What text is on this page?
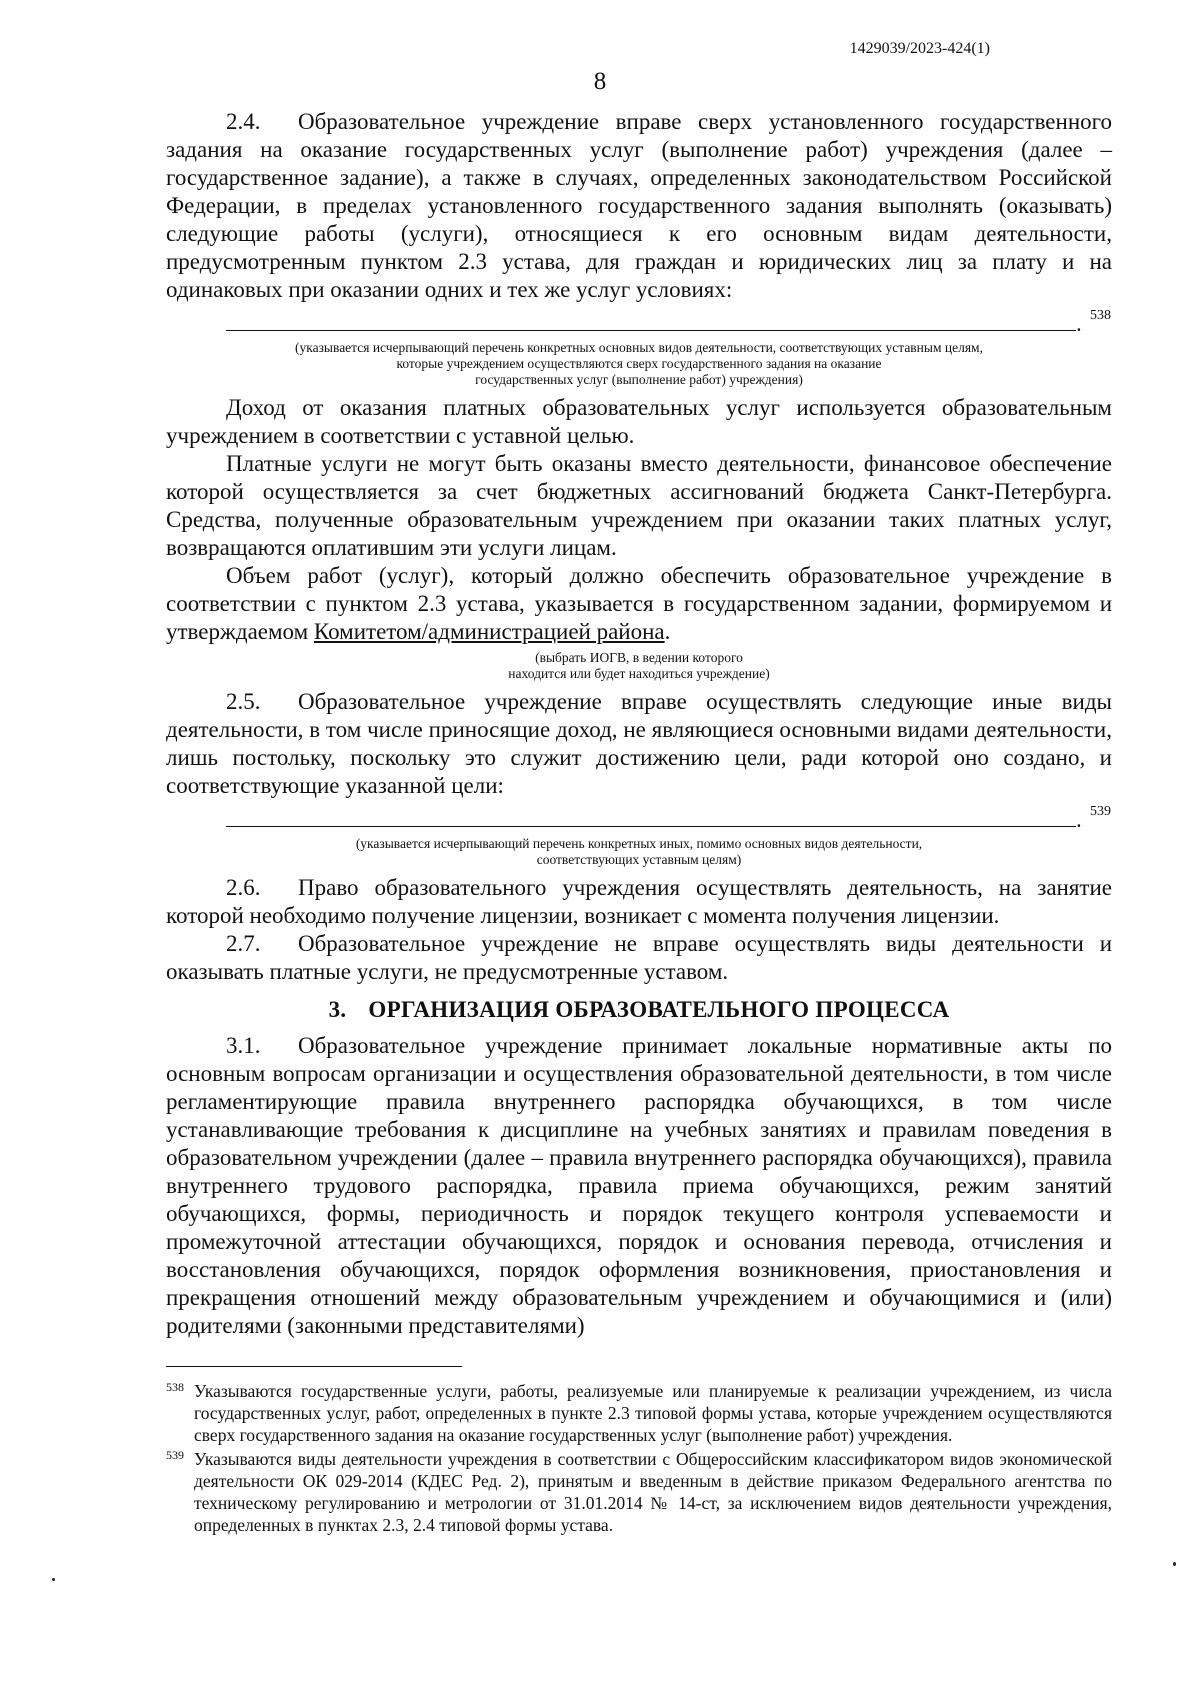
1429039/2023-424(1)
8

2.4. Образовательное учреждение вправе сверх установленного государственного задания на оказание государственных услуг (выполнение работ) учреждения (далее – государственное задание), а также в случаях, определенных законодательством Российской Федерации, в пределах установленного государственного задания выполнять (оказывать) следующие работы (услуги), относящиеся к его основным видам деятельности, предусмотренным пунктом 2.3 устава, для граждан и юридических лиц за плату и на одинаковых при оказании одних и тех же услуг условиях:

. 538
(указывается исчерпывающий перечень конкретных основных видов деятельности, соответствующих уставным целям,
которые учреждением осуществляются сверх государственного задания на оказание
государственных услуг (выполнение работ) учреждения)

Доход от оказания платных образовательных услуг используется образовательным учреждением в соответствии с уставной целью.

Платные услуги не могут быть оказаны вместо деятельности, финансовое обеспечение которой осуществляется за счет бюджетных ассигнований бюджета Санкт-Петербурга. Средства, полученные образовательным учреждением при оказании таких платных услуг, возвращаются оплатившим эти услуги лицам.

Объем работ (услуг), который должно обеспечить образовательное учреждение в соответствии с пунктом 2.3 устава, указывается в государственном задании, формируемом и утверждаемом Комитетом/администрацией района.

(выбрать ИОГВ, в ведении которого
находится или будет находиться учреждение)

2.5. Образовательное учреждение вправе осуществлять следующие иные виды деятельности, в том числе приносящие доход, не являющиеся основными видами деятельности, лишь постольку, поскольку это служит достижению цели, ради которой оно создано, и соответствующие указанной цели:

. 539
(указывается исчерпывающий перечень конкретных иных, помимо основных видов деятельности,
соответствующих уставным целям)

2.6. Право образовательного учреждения осуществлять деятельность, на занятие которой необходимо получение лицензии, возникает с момента получения лицензии.

2.7. Образовательное учреждение не вправе осуществлять виды деятельности и оказывать платные услуги, не предусмотренные уставом.

3. ОРГАНИЗАЦИЯ ОБРАЗОВАТЕЛЬНОГО ПРОЦЕССА

3.1. Образовательное учреждение принимает локальные нормативные акты по основным вопросам организации и осуществления образовательной деятельности, в том числе регламентирующие правила внутреннего распорядка обучающихся, в том числе устанавливающие требования к дисциплине на учебных занятиях и правилам поведения в образовательном учреждении (далее – правила внутреннего распорядка обучающихся), правила внутреннего трудового распорядка, правила приема обучающихся, режим занятий обучающихся, формы, периодичность и порядок текущего контроля успеваемости и промежуточной аттестации обучающихся, порядок и основания перевода, отчисления и восстановления обучающихся, порядок оформления возникновения, приостановления и прекращения отношений между образовательным учреждением и обучающимися и (или) родителями (законными представителями)

538 Указываются государственные услуги, работы, реализуемые или планируемые к реализации учреждением, из числа государственных услуг, работ, определенных в пункте 2.3 типовой формы устава, которые учреждением осуществляются сверх государственного задания на оказание государственных услуг (выполнение работ) учреждения.
539 Указываются виды деятельности учреждения в соответствии с Общероссийским классификатором видов экономической деятельности ОК 029-2014 (КДЕС Ред. 2), принятым и введенным в действие приказом Федерального агентства по техническому регулированию и метрологии от 31.01.2014 № 14-ст, за исключением видов деятельности учреждения, определенных в пунктах 2.3, 2.4 типовой формы устава.
